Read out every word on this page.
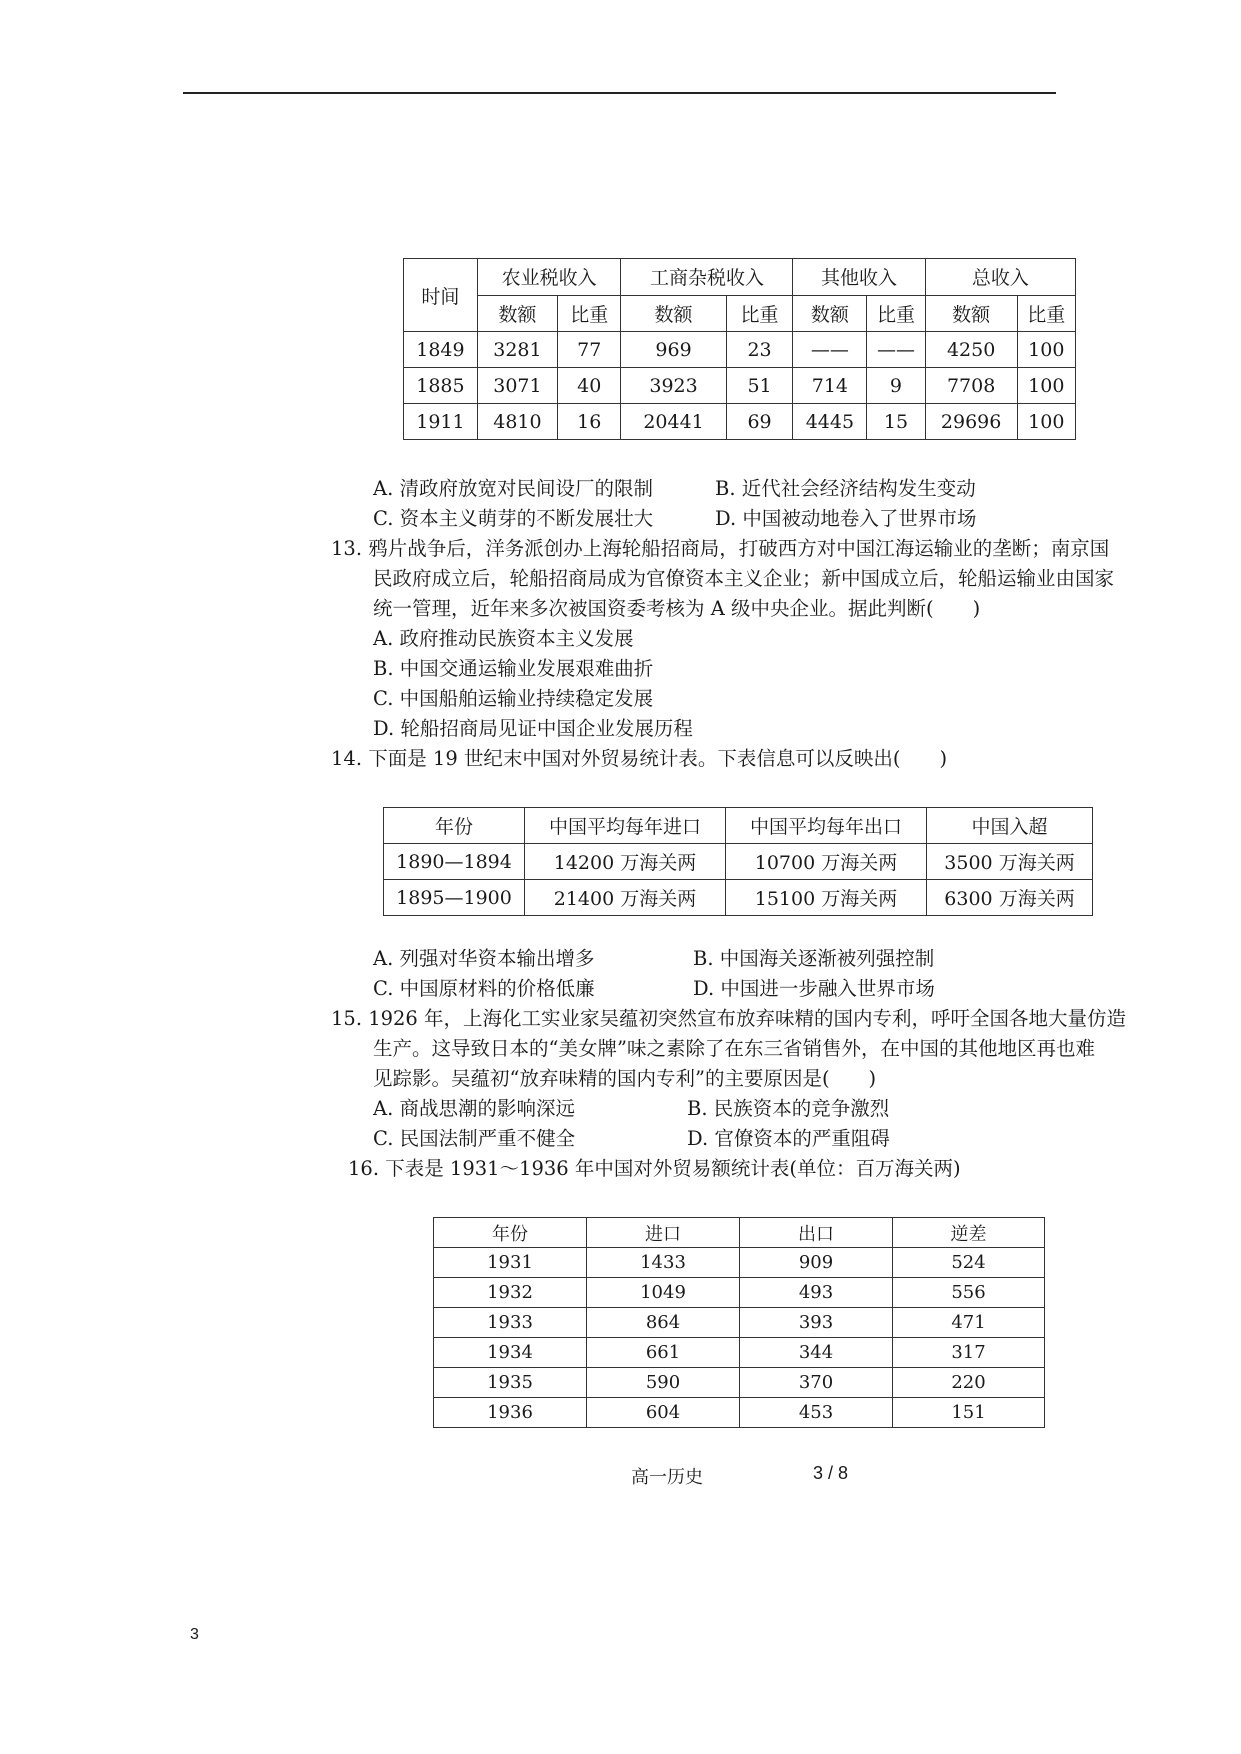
时间	农业税收入		工商杂税收入		其他收入		总收入	
	数额	比重	数额	比重	数额	比重	数额	比重
1849	3281	77	969	23	——	——	4250	100
1885	3071	40	3923	51	714	9	7708	100
1911	4810	16	20441	69	4445	15	29696	100
A. 清政府放宽对民间设厂的限制	B. 近代社会经济结构发生变动
C. 资本主义萌芽的不断发展壮大	D. 中国被动地卷入了世界市场
13. 鸦片战争后，洋务派创办上海轮船招商局，打破西方对中国江海运输业的垄断；南京国
民政府成立后，轮船招商局成为官僚资本主义企业；新中国成立后，轮船运输业由国家
统一管理，近年来多次被国资委考核为 A 级中央企业。据此判断(　　)
A. 政府推动民族资本主义发展
B. 中国交通运输业发展艰难曲折
C. 中国船舶运输业持续稳定发展
D. 轮船招商局见证中国企业发展历程
14. 下面是 19 世纪末中国对外贸易统计表。下表信息可以反映出(　　)
年份	中国平均每年进口	中国平均每年出口	中国入超
1890—1894	14200 万海关两	10700 万海关两	3500 万海关两
1895—1900	21400 万海关两	15100 万海关两	6300 万海关两
A. 列强对华资本输出增多	B. 中国海关逐渐被列强控制
C. 中国原材料的价格低廉	D. 中国进一步融入世界市场
15. 1926 年，上海化工实业家吴蕴初突然宣布放弃味精的国内专利，呼吁全国各地大量仿造
生产。这导致日本的“美女牌”味之素除了在东三省销售外，在中国的其他地区再也难
见踪影。吴蕴初“放弃味精的国内专利”的主要原因是(　　)
A. 商战思潮的影响深远	B. 民族资本的竞争激烈
C. 民国法制严重不健全	D. 官僚资本的严重阻碍
16. 下表是 1931～1936 年中国对外贸易额统计表(单位：百万海关两)
年份	进口	出口	逆差
1931	1433	909	524
1932	1049	493	556
1933	864	393	471
1934	661	344	317
1935	590	370	220
1936	604	453	151
高一历史	3 / 8
3
